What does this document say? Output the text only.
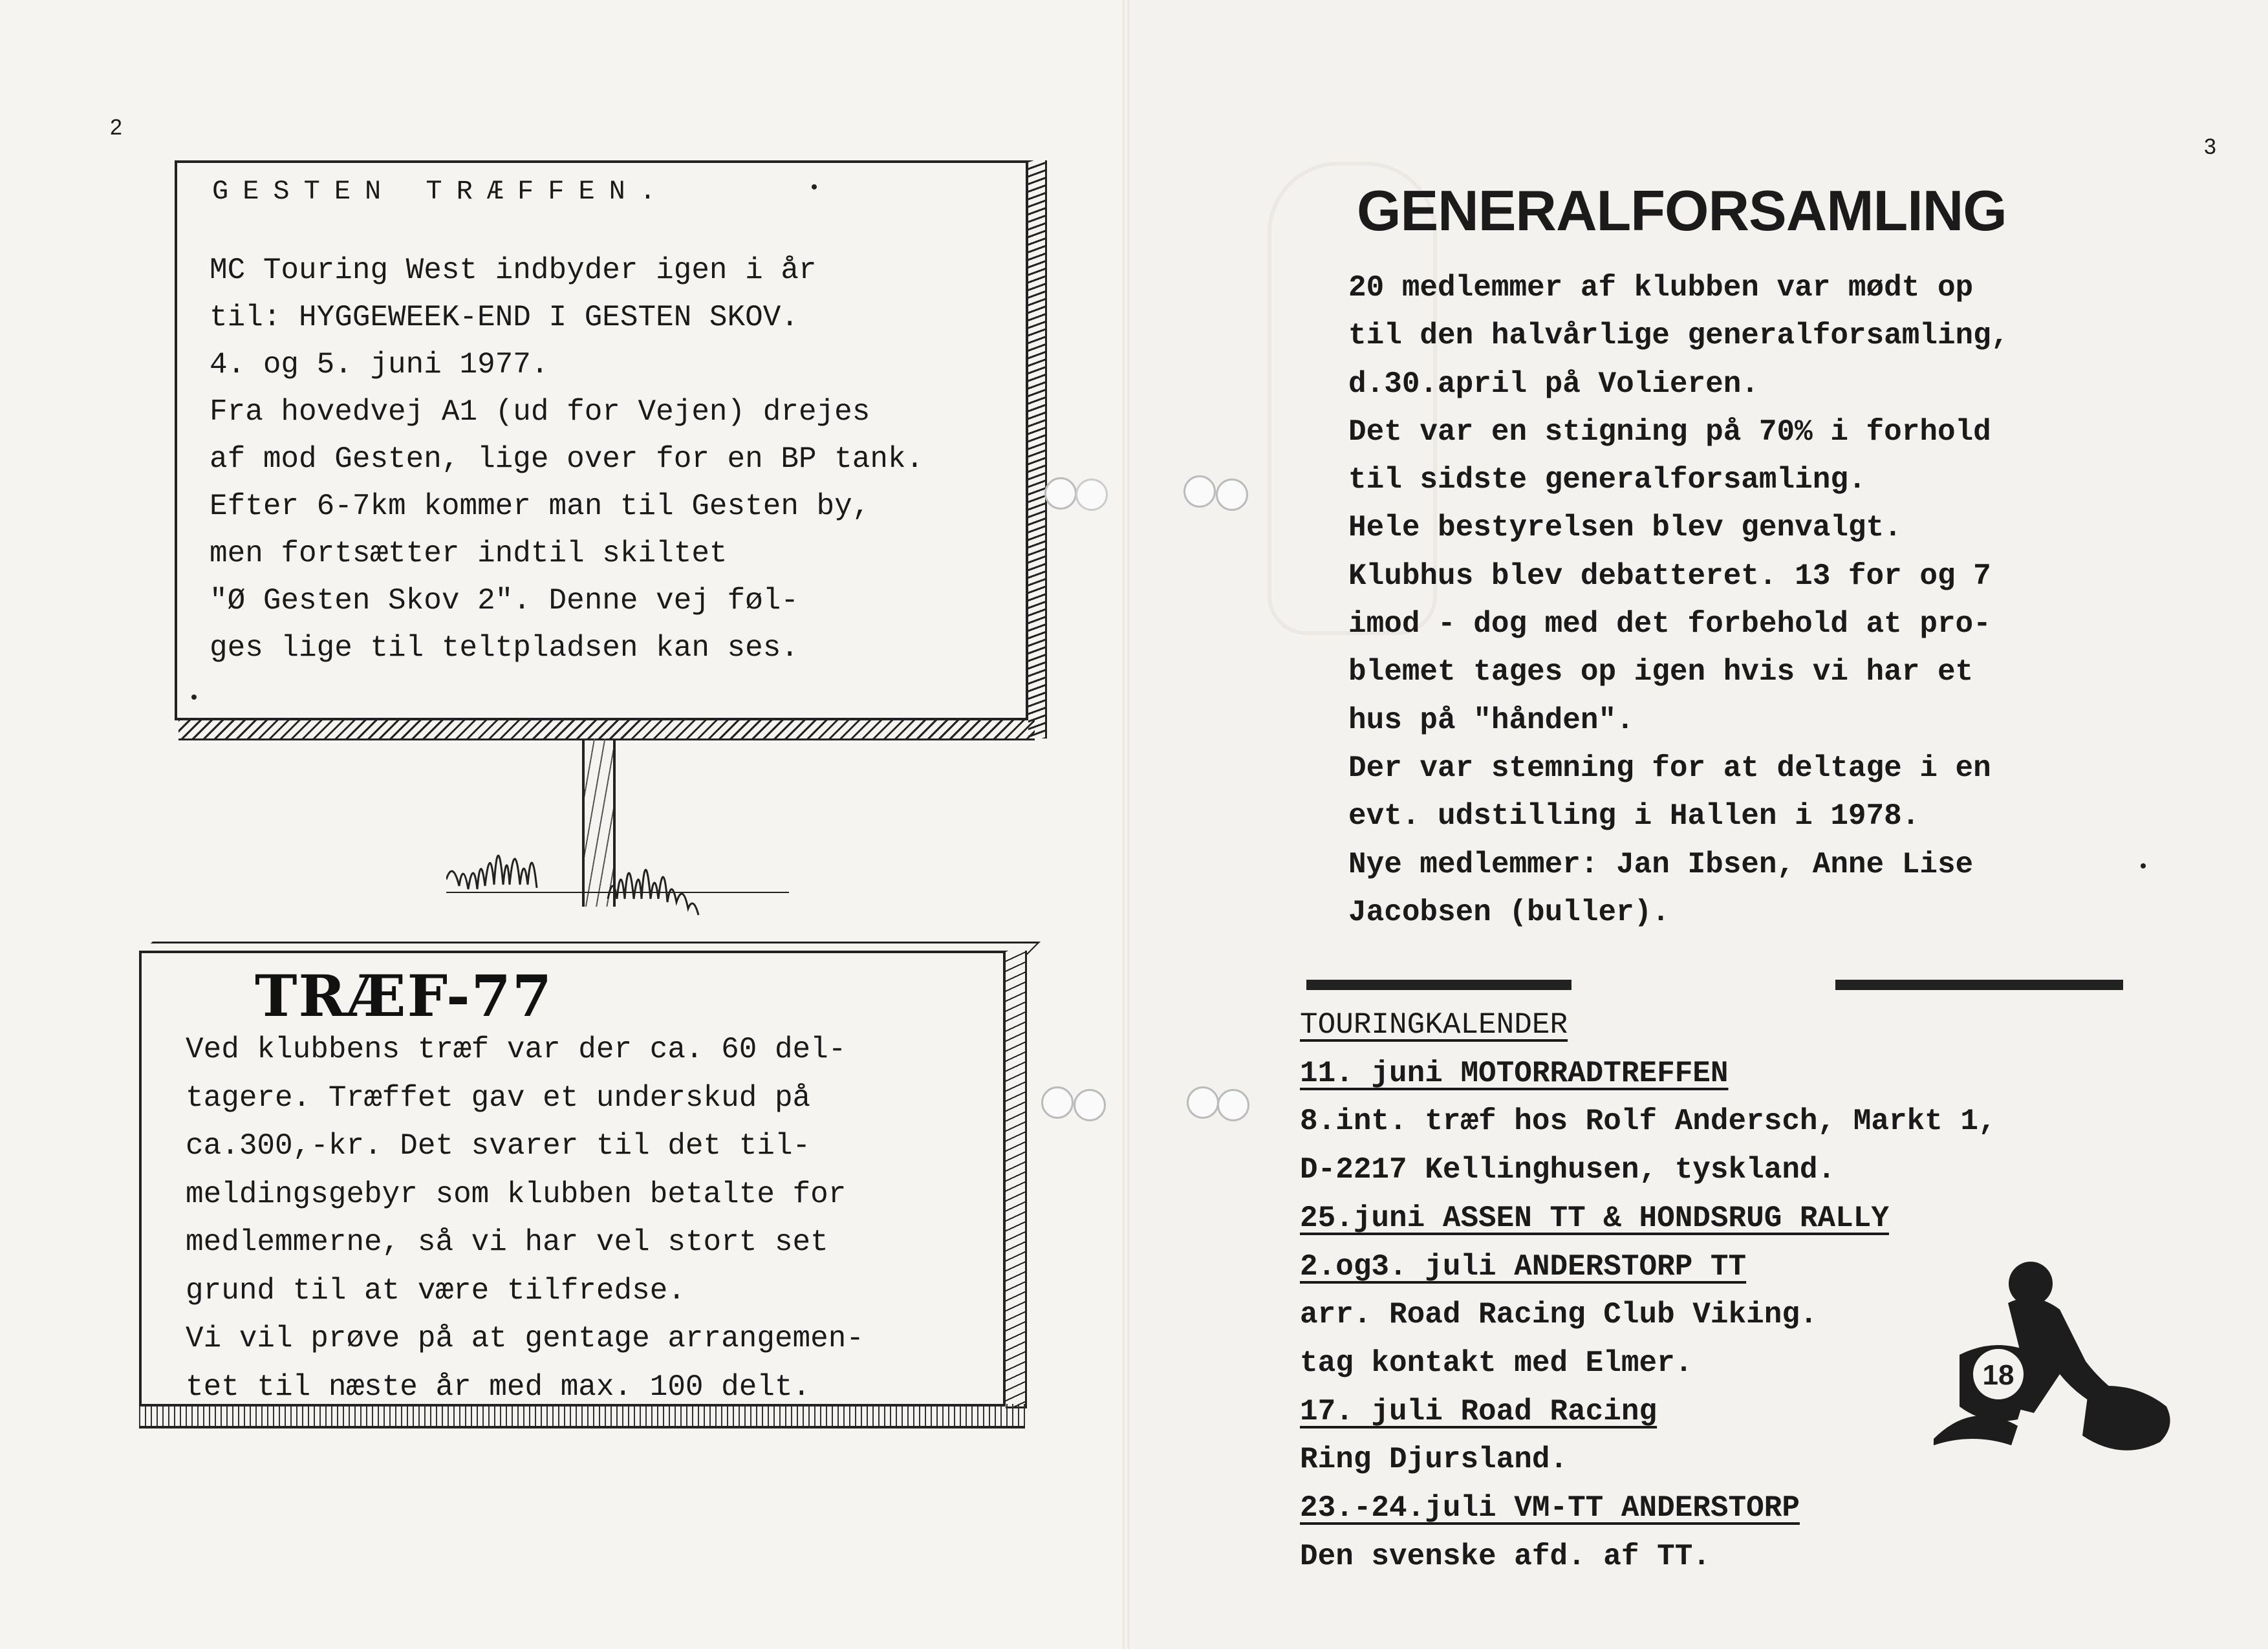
2
3
GESTEN TRÆFFEN.
MC Touring West indbyder igen i år
til: HYGGEWEEK-END I GESTEN SKOV.
4. og 5. juni 1977.
Fra hovedvej A1 (ud for Vejen) drejes
af mod Gesten, lige over for en BP tank.
Efter 6-7km kommer man til Gesten by,
men fortsætter indtil skiltet
"Ø Gesten Skov 2". Denne vej føl-
ges lige til teltpladsen kan ses.
TRÆF-77
Ved klubbens træf var der ca. 60 del-
tagere. Træffet gav et underskud på
ca.300,-kr. Det svarer til det til-
meldingsgebyr som klubben betalte for
medlemmerne, så vi har vel stort set
grund til at være tilfredse.
Vi vil prøve på at gentage arrangemen-
tet til næste år med max. 100 delt.
GENERALFORSAMLING
20 medlemmer af klubben var mødt op
til den halvårlige generalforsamling,
d.30.april på Volieren.
Det var en stigning på 70% i forhold
til sidste generalforsamling.
Hele bestyrelsen blev genvalgt.
Klubhus blev debatteret. 13 for og 7
imod - dog med det forbehold at pro-
blemet tages op igen hvis vi har et
hus på "hånden".
Der var stemning for at deltage i en
evt. udstilling i Hallen i 1978.
Nye medlemmer: Jan Ibsen, Anne Lise
Jacobsen (buller).
TOURINGKALENDER
11. juni MOTORRADTREFFEN
8.int. træf hos Rolf Andersch, Markt 1,
D-2217 Kellinghusen, tyskland.
25.juni ASSEN TT & HONDSRUG RALLY
2.og3. juli ANDERSTORP TT
arr. Road Racing Club Viking.
tag kontakt med Elmer.
17. juli Road Racing
Ring Djursland.
23.-24.juli VM-TT ANDERSTORP
Den svenske afd. af TT.
18
